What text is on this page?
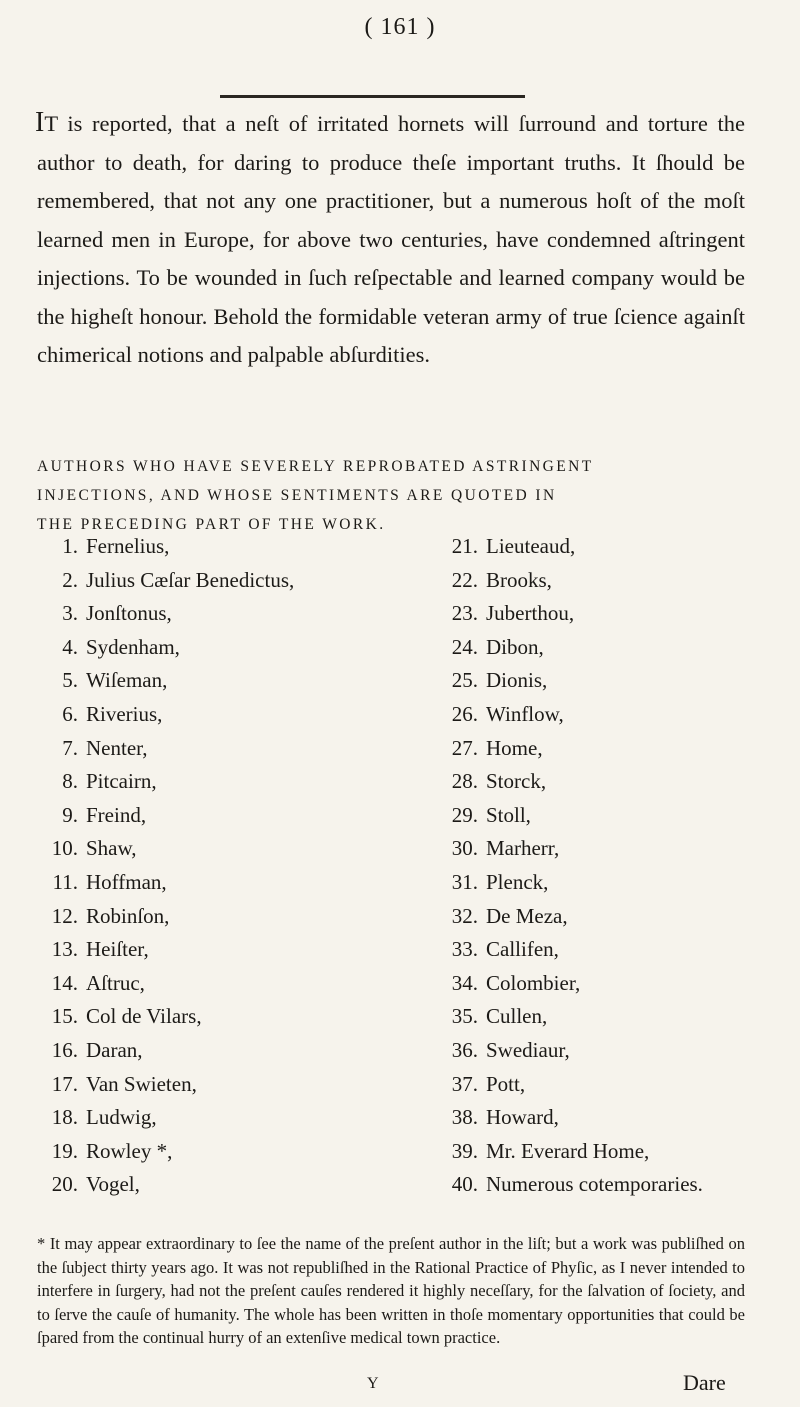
( 161 )
IT is reported, that a neſt of irritated hornets will ſurround and torture the author to death, for daring to produce theſe important truths. It ſhould be remembered, that not any one practitioner, but a numerous hoſt of the moſt learned men in Europe, for above two centuries, have condemned aſtringent injections. To be wounded in ſuch reſpectable and learned company would be the higheſt honour. Behold the formidable veteran army of true ſcience againſt chimerical notions and palpable abſurdities.
AUTHORS WHO HAVE SEVERELY REPROBATED ASTRINGENT
INJECTIONS, AND WHOSE SENTIMENTS ARE QUOTED IN
THE PRECEDING PART OF THE WORK.
1. Fernelius,
2. Julius Cæſar Benedictus,
3. Jonſtonus,
4. Sydenham,
5. Wiſeman,
6. Riverius,
7. Nenter,
8. Pitcairn,
9. Freind,
10. Shaw,
11. Hoffman,
12. Robinſon,
13. Heiſter,
14. Aſtruc,
15. Col de Vilars,
16. Daran,
17. Van Swieten,
18. Ludwig,
19. Rowley *,
20. Vogel,
21. Lieuteaud,
22. Brooks,
23. Juberthou,
24. Dibon,
25. Dionis,
26. Winflow,
27. Home,
28. Storck,
29. Stoll,
30. Marherr,
31. Plenck,
32. De Meza,
33. Callifen,
34. Colombier,
35. Cullen,
36. Swediaur,
37. Pott,
38. Howard,
39. Mr. Everard Home,
40. Numerous cotemporaries.
* It may appear extraordinary to ſee the name of the preſent author in the liſt; but a work was publiſhed on the ſubject thirty years ago. It was not republiſhed in the Rational Practice of Phyſic, as I never intended to interfere in ſurgery, had not the preſent cauſes rendered it highly neceſſary, for the ſalvation of ſociety, and to ſerve the cauſe of humanity. The whole has been written in thoſe momentary opportunities that could be ſpared from the continual hurry of an extenſive medical town practice.
Y	Dare
